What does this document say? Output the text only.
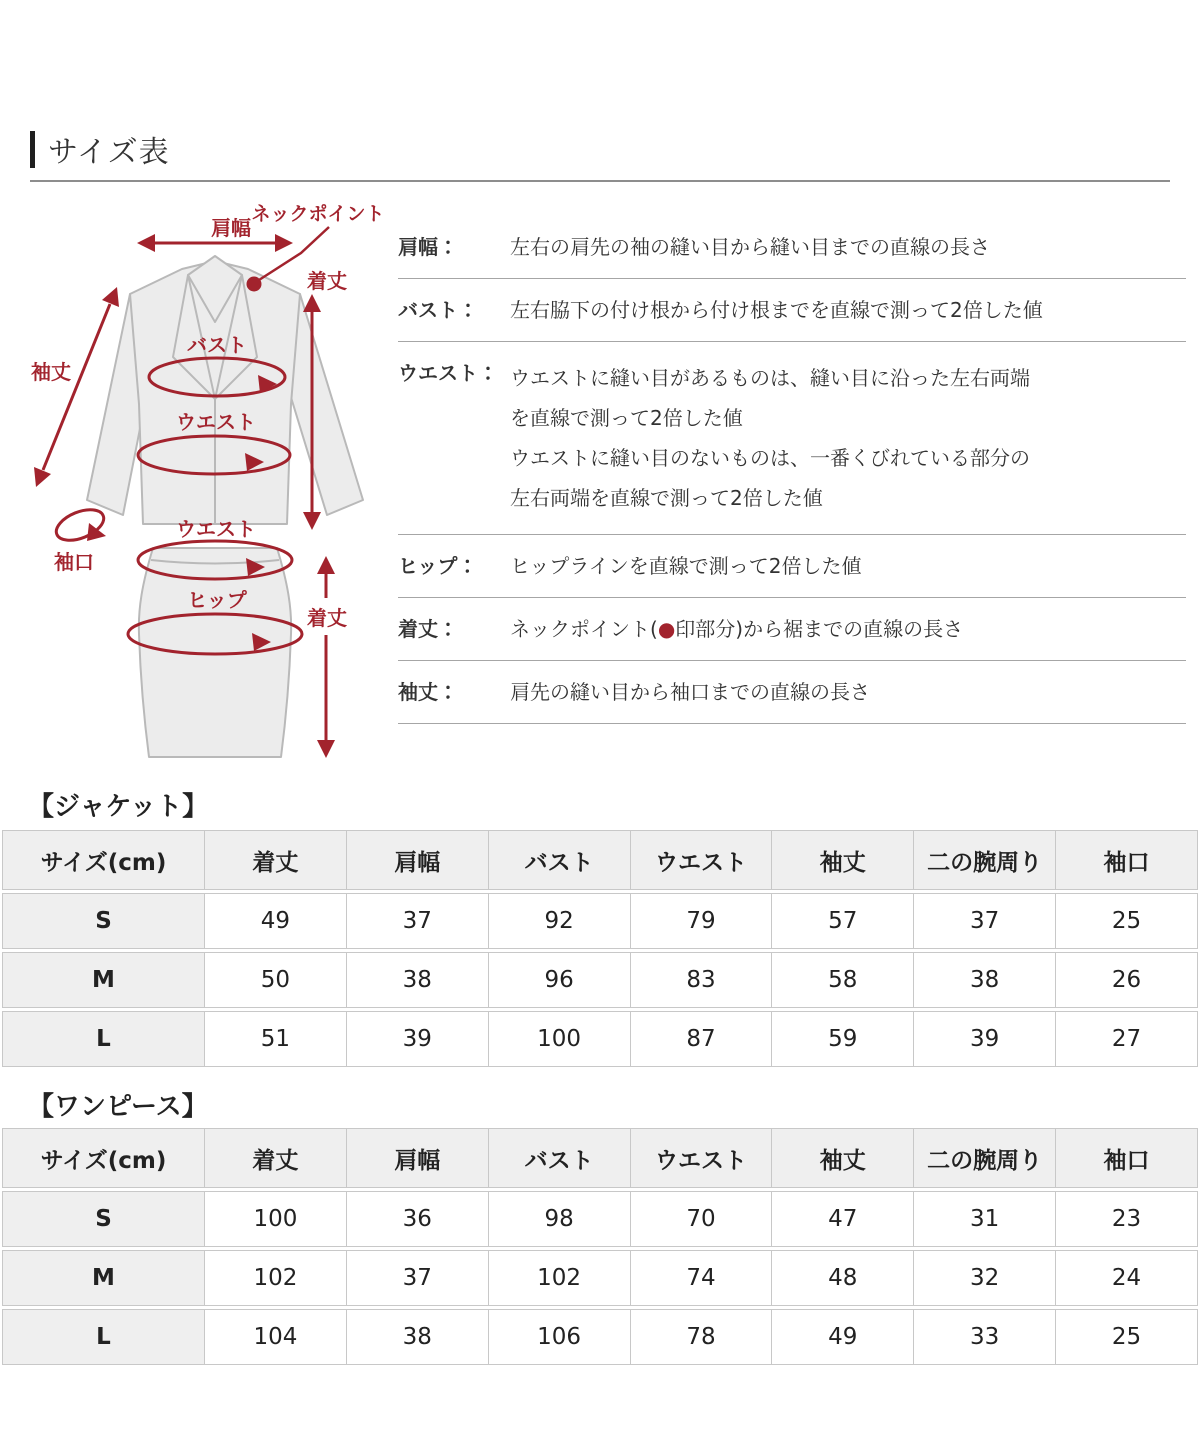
サイズ表
肩幅
ネックポイント
着丈
袖丈
バスト
ウエスト
袖口
ウエスト
ヒップ
着丈
肩幅：	左右の肩先の袖の縫い目から縫い目までの直線の長さ
バスト：	左右脇下の付け根から付け根までを直線で測って2倍した値
ウエスト： ウエストに縫い目があるものは、縫い目に沿った左右両端
を直線で測って2倍した値
ウエストに縫い目のないものは、一番くびれている部分の
左右両端を直線で測って2倍した値
ヒップ：	ヒップラインを直線で測って2倍した値
着丈：	ネックポイント(●印部分)から裾までの直線の長さ
袖丈：	肩先の縫い目から袖口までの直線の長さ
【ジャケット】
サイズ(cm)	着丈	肩幅	バスト	ウエスト	袖丈	二の腕周り	袖口
S	49	37	92	79	57	37	25
M	50	38	96	83	58	38	26
L	51	39	100	87	59	39	27
【ワンピース】
サイズ(cm)	着丈	肩幅	バスト	ウエスト	袖丈	二の腕周り	袖口
S	100	36	98	70	47	31	23
M	102	37	102	74	48	32	24
L	104	38	106	78	49	33	25
